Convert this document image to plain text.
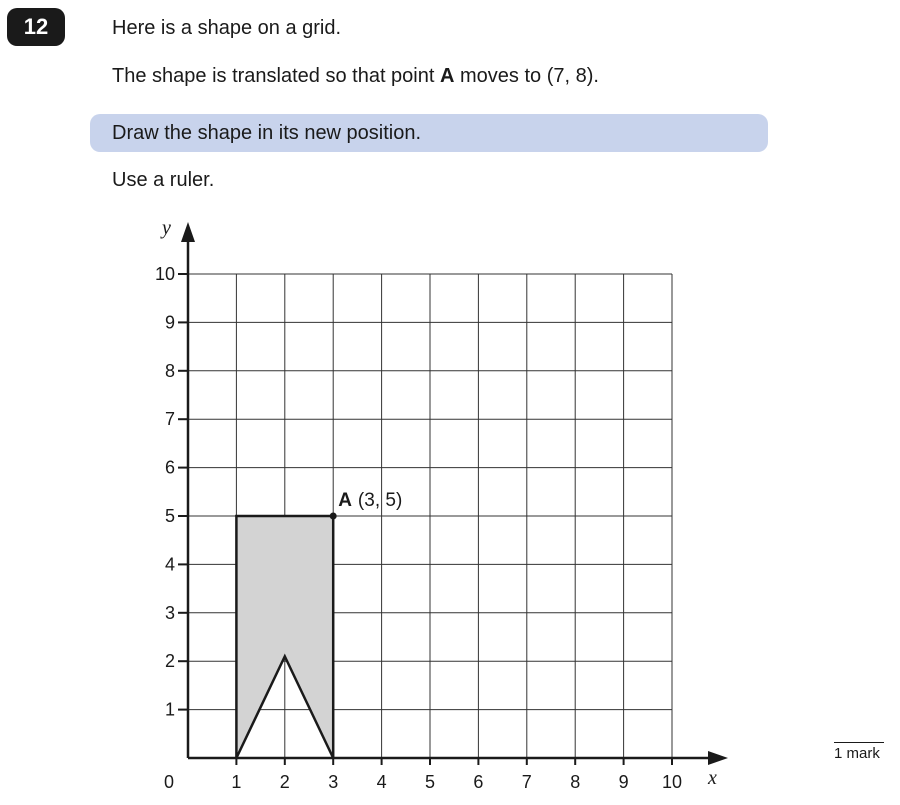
12	Here is a shape on a grid.
The shape is translated so that point A moves to (7, 8).
Draw the shape in its new position.
Use a ruler.
0	1 2 3 4 5 6 7 8 9 10
1
2
3
4
5
6
7
8
9
10
x
y
A (3, 5)
1 mark
